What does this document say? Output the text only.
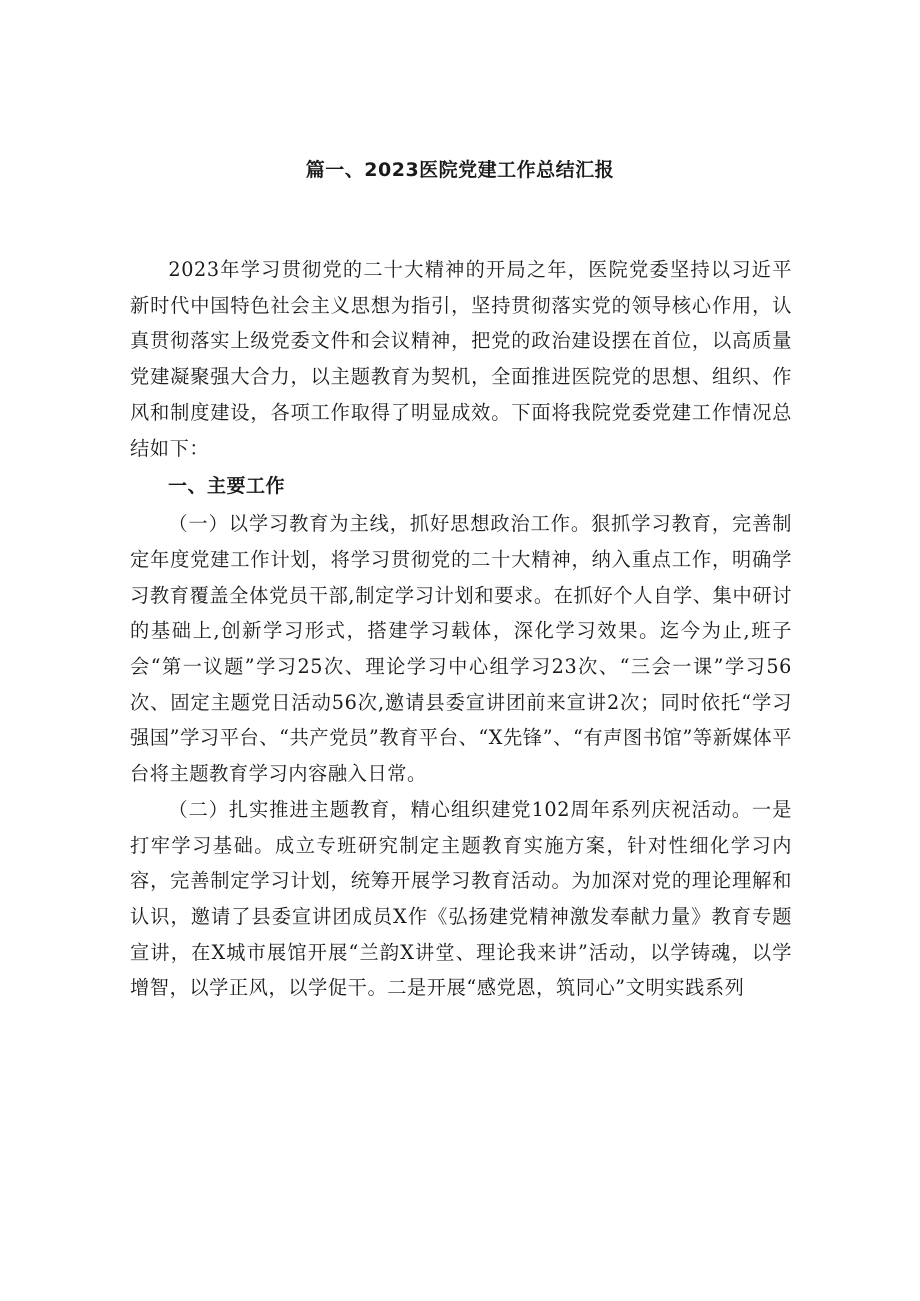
篇一、2023医院党建工作总结汇报

2023年学习贯彻党的二十大精神的开局之年，医院党委坚持以习近平新时代中国特色社会主义思想为指引，坚持贯彻落实党的领导核心作用，认真贯彻落实上级党委文件和会议精神，把党的政治建设摆在首位，以高质量党建凝聚强大合力，以主题教育为契机，全面推进医院党的思想、组织、作风和制度建设，各项工作取得了明显成效。下面将我院党委党建工作情况总结如下：

一、主要工作

（一）以学习教育为主线，抓好思想政治工作。狠抓学习教育，完善制定年度党建工作计划，将学习贯彻党的二十大精神，纳入重点工作，明确学习教育覆盖全体党员干部,制定学习计划和要求。在抓好个人自学、集中研讨的基础上,创新学习形式，搭建学习载体，深化学习效果。迄今为止,班子会“第一议题”学习25次、理论学习中心组学习23次、“三会一课”学习56次、固定主题党日活动56次,邀请县委宣讲团前来宣讲2次；同时依托“学习强国”学习平台、“共产党员”教育平台、“X先锋”、“有声图书馆”等新媒体平台将主题教育学习内容融入日常。

（二）扎实推进主题教育，精心组织建党102周年系列庆祝活动。一是打牢学习基础。成立专班研究制定主题教育实施方案，针对性细化学习内容，完善制定学习计划，统筹开展学习教育活动。为加深对党的理论理解和认识，邀请了县委宣讲团成员X作《弘扬建党精神激发奉献力量》教育专题宣讲，在X城市展馆开展“兰韵X讲堂、理论我来讲”活动，以学铸魂，以学增智，以学正风，以学促干。二是开展“感党恩，筑同心”文明实践系列
